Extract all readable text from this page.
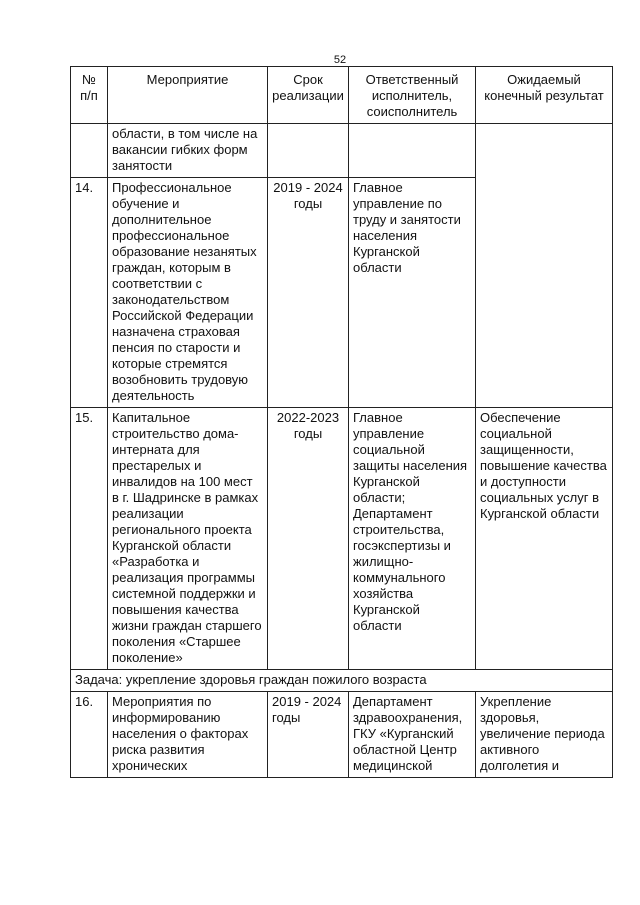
52
№ п/п	Мероприятие	Срок реализации	Ответственный исполнитель, соисполнитель	Ожидаемый конечный результат
	области, в том числе на вакансии гибких форм занятости			
14.	Профессиональное обучение и дополнительное профессиональное образование незанятых граждан, которым в соответствии с законодательством Российской Федерации назначена страховая пенсия по старости и которые стремятся возобновить трудовую деятельность	2019 - 2024 годы	Главное управление по труду и занятости населения Курганской области	
15.	Капитальное строительство дома-интерната для престарелых и инвалидов на 100 мест в г. Шадринске в рамках реализации регионального проекта Курганской области «Разработка и реализация программы системной поддержки и повышения качества жизни граждан старшего поколения «Старшее поколение»	2022-2023 годы	Главное управление социальной защиты населения Курганской области; Департамент строительства, госэкспертизы и жилищно-коммунального хозяйства Курганской области	Обеспечение социальной защищенности, повышение качества и доступности социальных услуг в Курганской области
Задача: укрепление здоровья граждан пожилого возраста				
16.	Мероприятия по информированию населения о факторах риска развития хронических	2019 - 2024 годы	Департамент здравоохранения, ГКУ «Курганский областной Центр медицинской	Укрепление здоровья, увеличение периода активного долголетия и
